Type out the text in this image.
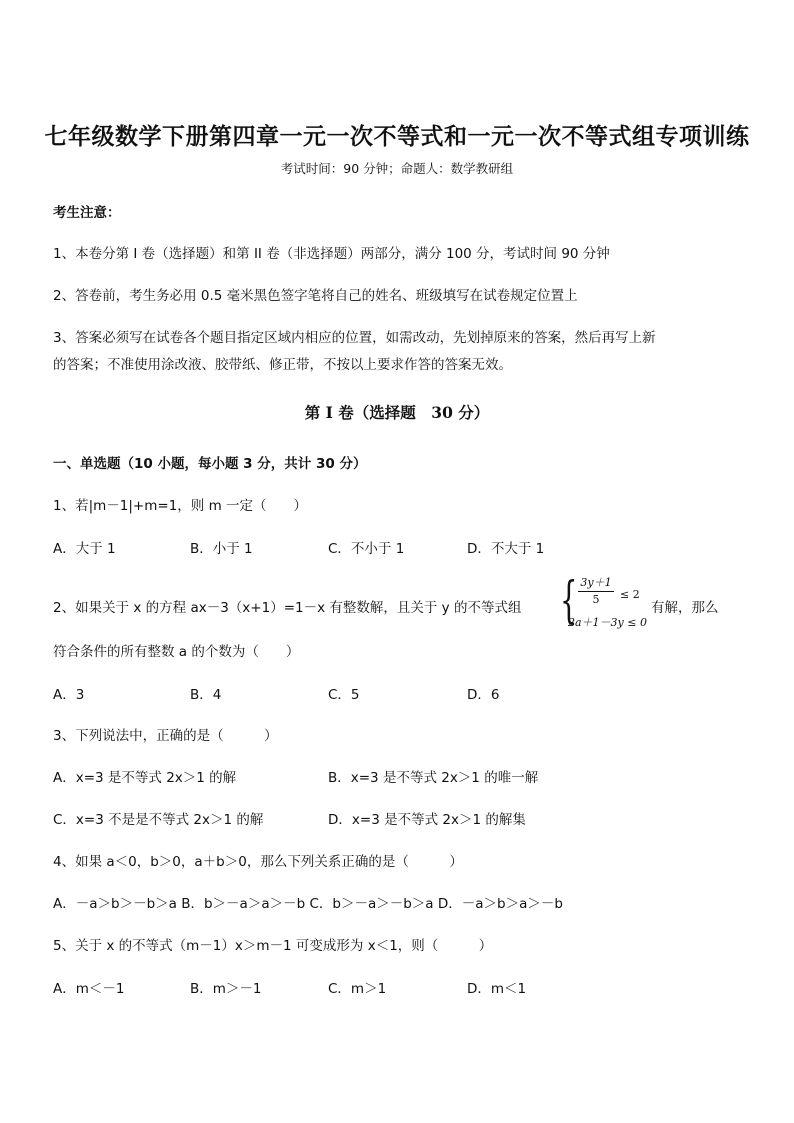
七年级数学下册第四章一元一次不等式和一元一次不等式组专项训练
考试时间：90 分钟；命题人：数学教研组
考生注意：
1、本卷分第 I 卷（选择题）和第 II 卷（非选择题）两部分，满分 100 分，考试时间 90 分钟
2、答卷前，考生务必用 0.5 毫米黑色签字笔将自己的姓名、班级填写在试卷规定位置上
3、答案必须写在试卷各个题目指定区域内相应的位置，如需改动，先划掉原来的答案，然后再写上新
的答案；不准使用涂改液、胶带纸、修正带，不按以上要求作答的答案无效。
第 I 卷（选择题　30 分）
一、单选题（10 小题，每小题 3 分，共计 30 分）
1、若|m－1|+m=1，则 m 一定（　　）
A．大于 1	B．小于 1	C．不小于 1	D．不大于 1
2、如果关于 x 的方程 ax－3（x+1）=1－x 有整数解，且关于 y 的不等式组 { 3y＋1
5	≤ 2
2a＋1－3y ≤ 0
有解，那么
符合条件的所有整数 a 的个数为（　　）
A．3	B．4	C．5	D．6
3、下列说法中，正确的是（　　　）
A．x=3 是不等式 2x＞1 的解	B．x=3 是不等式 2x＞1 的唯一解
C．x=3 不是是不等式 2x＞1 的解	D．x=3 是不等式 2x＞1 的解集
4、如果 a＜0，b＞0，a＋b＞0，那么下列关系正确的是（　　　）
A．－a＞b＞－b＞a B．b＞－a＞a＞－b C．b＞－a＞－b＞a D．－a＞b＞a＞－b
5、关于 x 的不等式（m－1）x＞m－1 可变成形为 x＜1，则（　　　）
A．m＜－1	B．m＞－1	C．m＞1	D．m＜1
